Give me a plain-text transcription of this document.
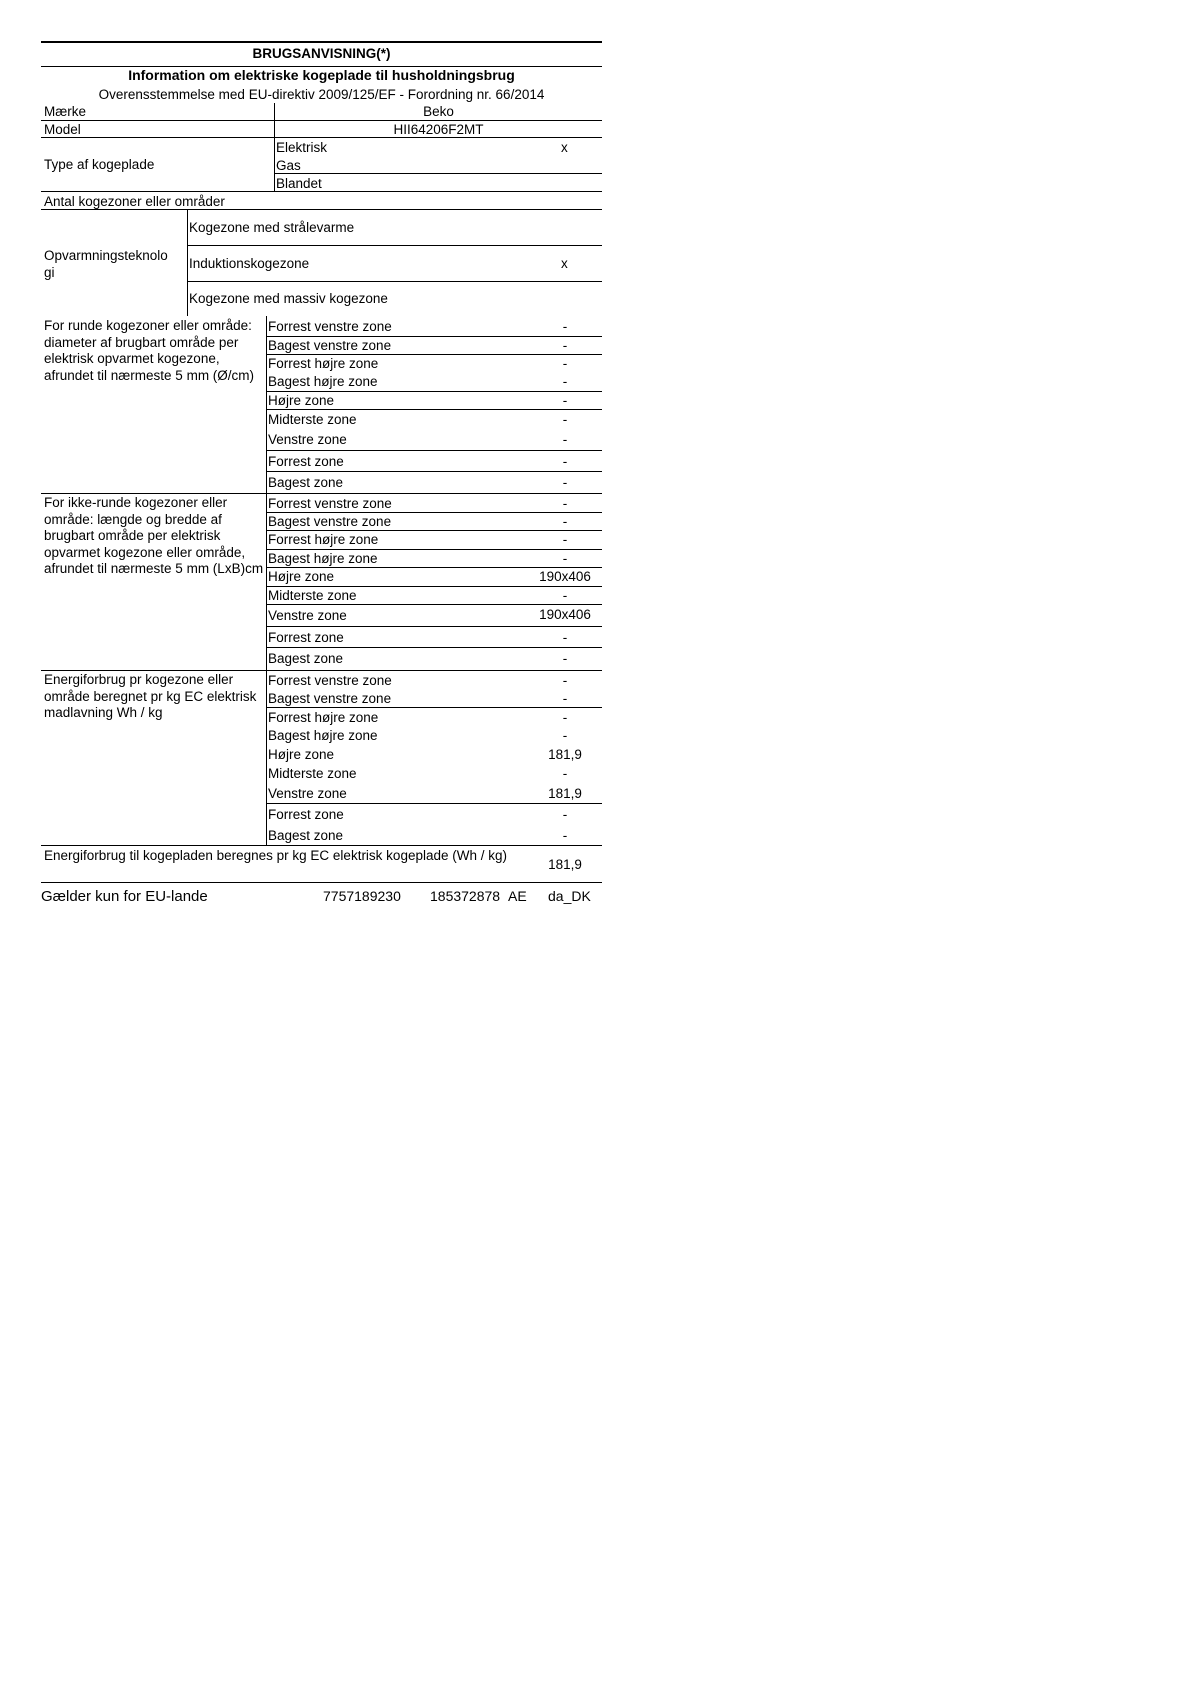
BRUGSANVISNING(*)
Information om elektriske kogeplade til husholdningsbrug
Overensstemmelse med EU-direktiv 2009/125/EF - Forordning nr. 66/2014
Mærke	Beko
Model	HII64206F2MT
Type af kogeplade
Elektrisk	x
Gas
Blandet
Antal kogezoner eller områder
Opvarmningsteknolo gi
Kogezone med strålevarme
Induktionskogezone	x
Kogezone med massiv kogezone
For runde kogezoner eller område: diameter af brugbart område per elektrisk opvarmet kogezone, afrundet til nærmeste 5 mm (Ø/cm)
Forrest venstre zone	-
Bagest venstre zone	-
Forrest højre zone	-
Bagest højre zone	-
Højre zone	-
Midterste zone	-
Venstre zone	-
Forrest zone	-
Bagest zone	-
For ikke-runde kogezoner eller område: længde og bredde af brugbart område per elektrisk opvarmet kogezone eller område, afrundet til nærmeste 5 mm (LxB)cm
Forrest venstre zone	-
Bagest venstre zone	-
Forrest højre zone	-
Bagest højre zone	-
Højre zone	190x406
Midterste zone	-
Venstre zone	190x406
Forrest zone	-
Bagest zone	-
Energiforbrug pr kogezone eller område beregnet pr kg EC elektrisk madlavning Wh / kg
Forrest venstre zone	-
Bagest venstre zone	-
Forrest højre zone	-
Bagest højre zone	-
Højre zone	181,9
Midterste zone	-
Venstre zone	181,9
Forrest zone	-
Bagest zone	-
Energiforbrug til kogepladen beregnes pr kg EC elektrisk kogeplade (Wh / kg)
181,9
Gælder kun for EU-lande	7757189230 185372878 AE da_DK
